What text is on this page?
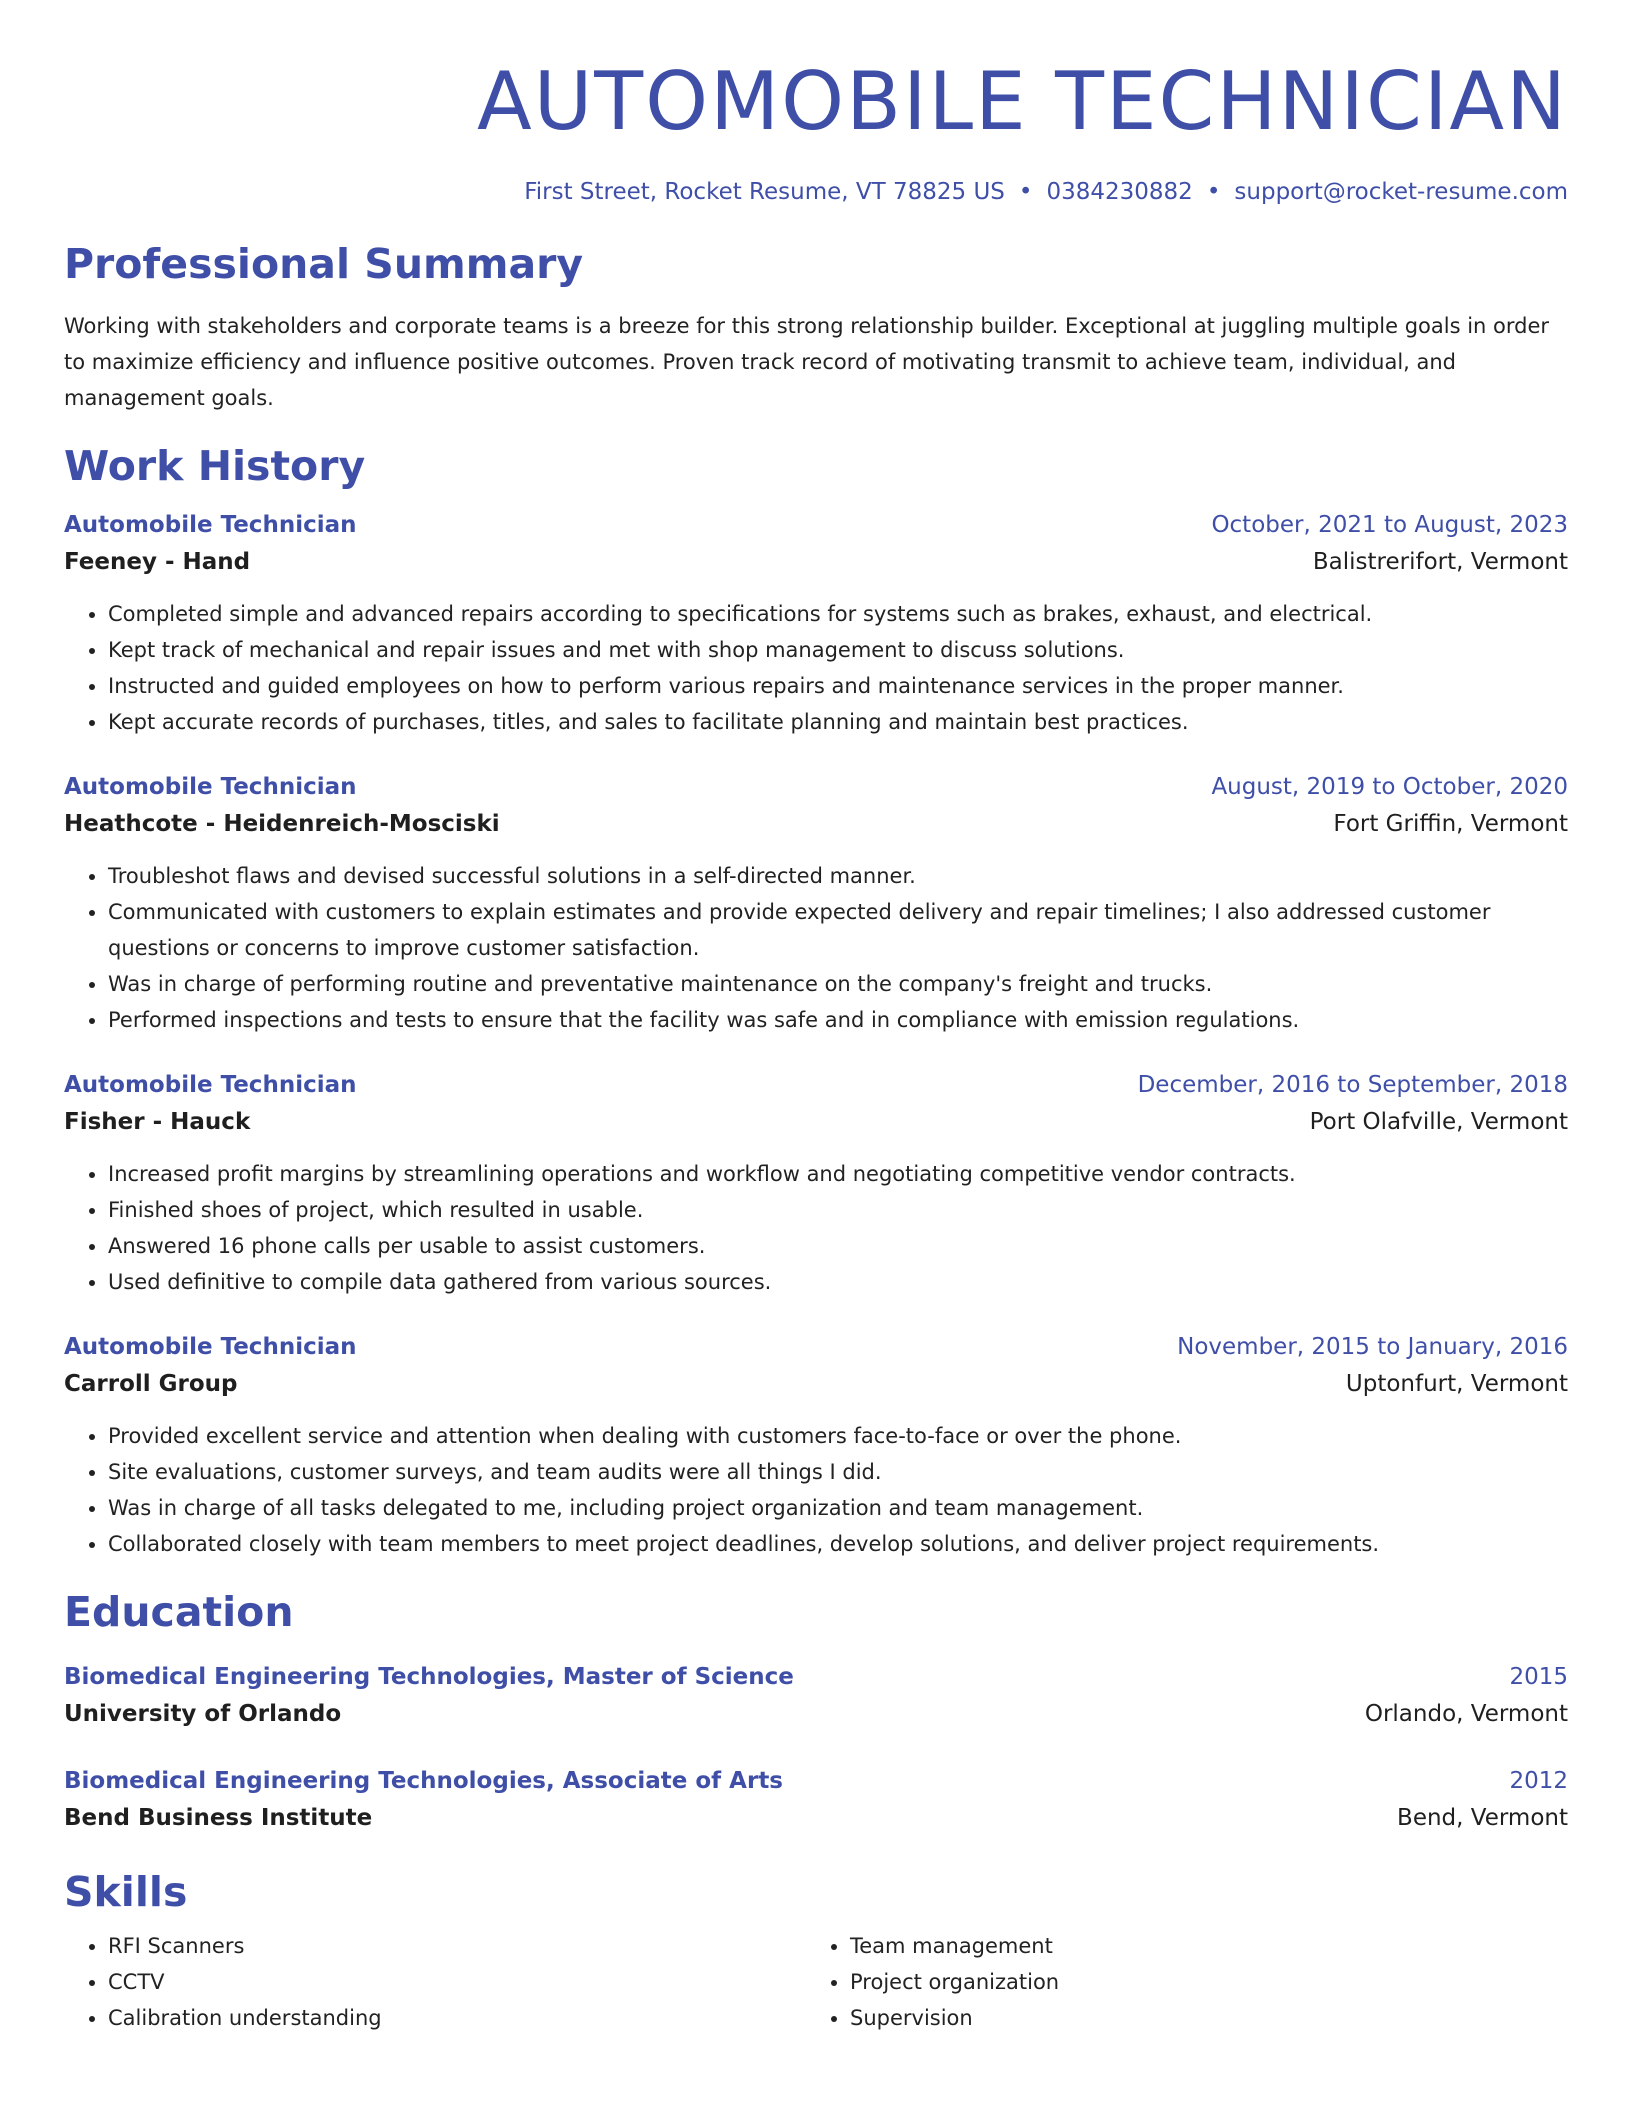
AUTOMOBILE TECHNICIAN
First Street, Rocket Resume, VT 78825 US • 0384230882 • support@rocket-resume.com
Professional Summary
Working with stakeholders and corporate teams is a breeze for this strong relationship builder. Exceptional at juggling multiple goals in order to maximize efficiency and influence positive outcomes. Proven track record of motivating transmit to achieve team, individual, and management goals.
Work History
Automobile Technician	October, 2021 to August, 2023
Feeney - Hand	Balistrerifort, Vermont
• Completed simple and advanced repairs according to specifications for systems such as brakes, exhaust, and electrical.
• Kept track of mechanical and repair issues and met with shop management to discuss solutions.
• Instructed and guided employees on how to perform various repairs and maintenance services in the proper manner.
• Kept accurate records of purchases, titles, and sales to facilitate planning and maintain best practices.
Automobile Technician	August, 2019 to October, 2020
Heathcote - Heidenreich-Mosciski	Fort Griffin, Vermont
• Troubleshot flaws and devised successful solutions in a self-directed manner.
• Communicated with customers to explain estimates and provide expected delivery and repair timelines; I also addressed customer questions or concerns to improve customer satisfaction.
• Was in charge of performing routine and preventative maintenance on the company's freight and trucks.
• Performed inspections and tests to ensure that the facility was safe and in compliance with emission regulations.
Automobile Technician	December, 2016 to September, 2018
Fisher - Hauck	Port Olafville, Vermont
• Increased profit margins by streamlining operations and workflow and negotiating competitive vendor contracts.
• Finished shoes of project, which resulted in usable.
• Answered 16 phone calls per usable to assist customers.
• Used definitive to compile data gathered from various sources.
Automobile Technician	November, 2015 to January, 2016
Carroll Group	Uptonfurt, Vermont
• Provided excellent service and attention when dealing with customers face-to-face or over the phone.
• Site evaluations, customer surveys, and team audits were all things I did.
• Was in charge of all tasks delegated to me, including project organization and team management.
• Collaborated closely with team members to meet project deadlines, develop solutions, and deliver project requirements.
Education
Biomedical Engineering Technologies, Master of Science	2015
University of Orlando	Orlando, Vermont
Biomedical Engineering Technologies, Associate of Arts	2012
Bend Business Institute	Bend, Vermont
Skills
• RFI Scanners
• CCTV
• Calibration understanding
• Team management
• Project organization
• Supervision
